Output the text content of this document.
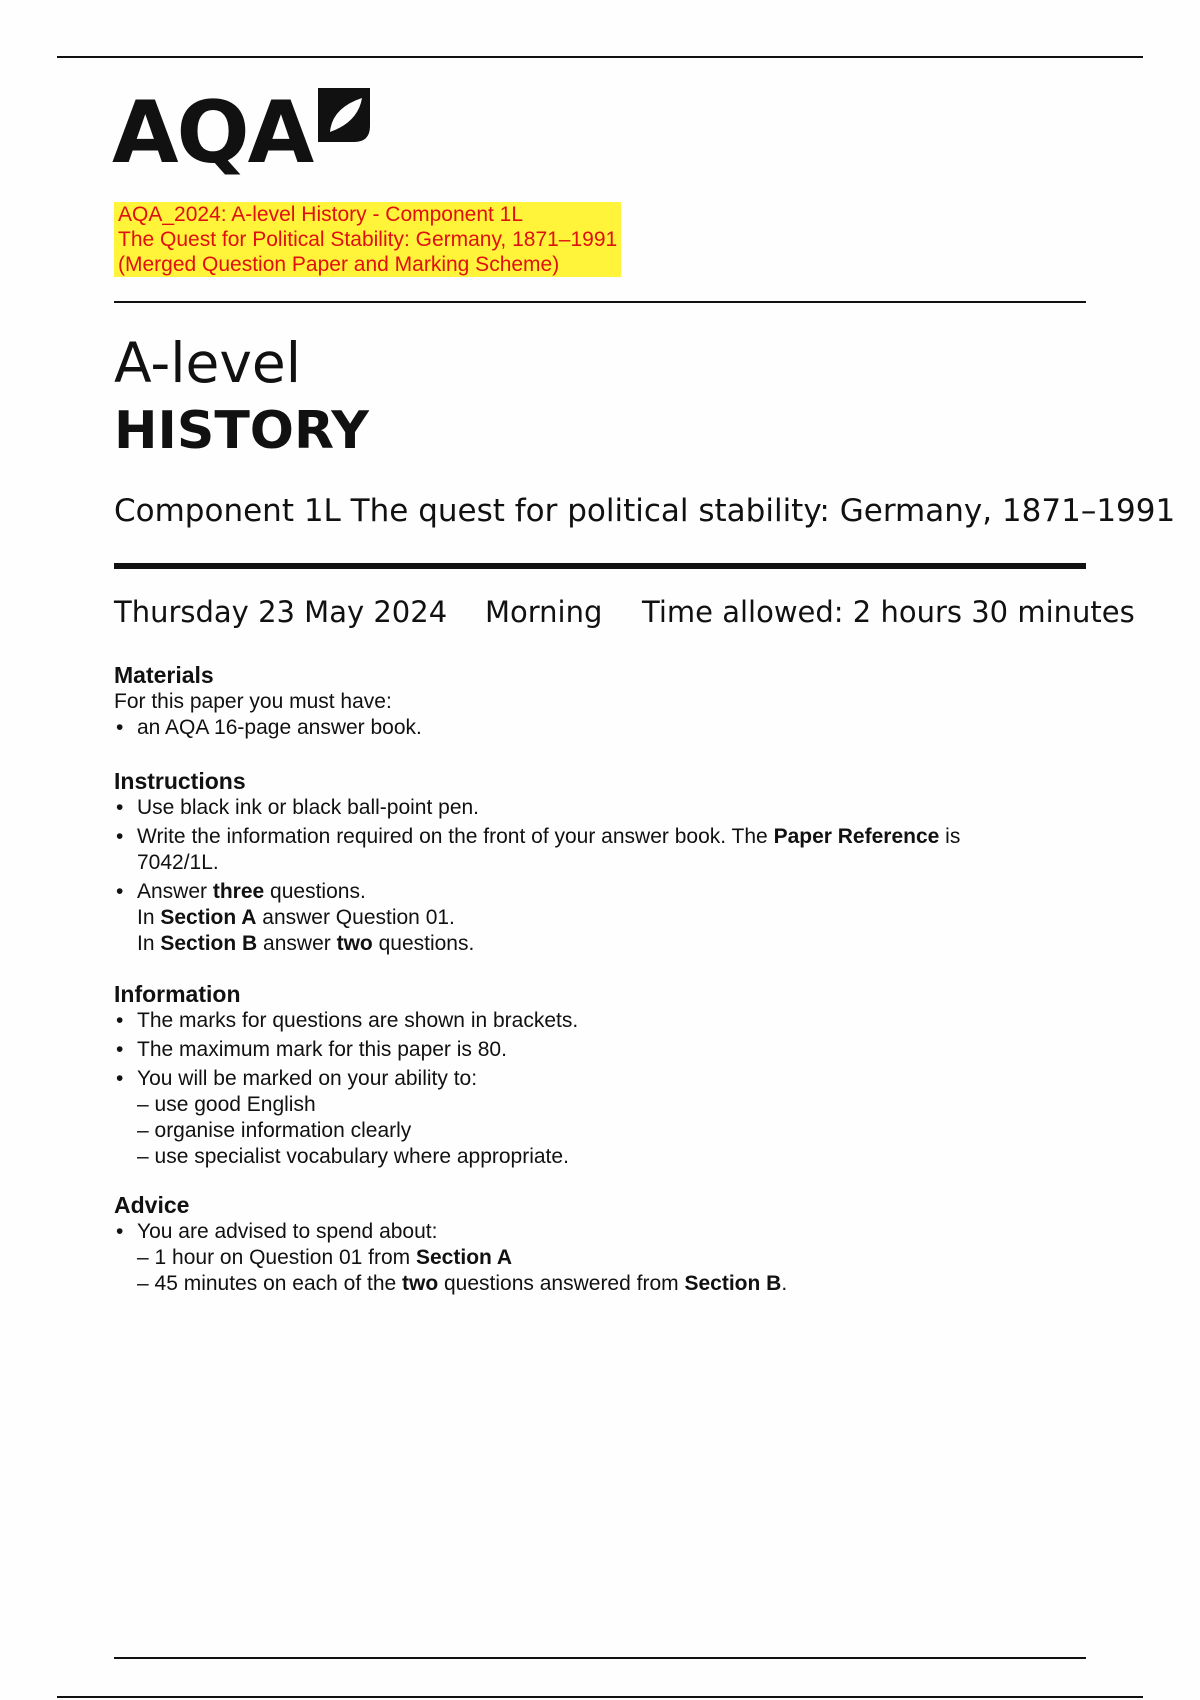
AQA
AQA_2024: A-level History - Component 1L
The Quest for Political Stability: Germany, 1871–1991
(Merged Question Paper and Marking Scheme)
A-level
HISTORY
Component 1L The quest for political stability: Germany, 1871–1991
Thursday 23 May 2024 Morning Time allowed: 2 hours 30 minutes
Materials

For this paper you must have:

• an AQA 16-page answer book.
Instructions
• Use black ink or black ball-point pen.
• Write the information required on the front of your answer book. The Paper Reference is 7042/1L.
• Answer three questions.
In Section A answer Question 01.
In Section B answer two questions.
Information
• The marks for questions are shown in brackets.
• The maximum mark for this paper is 80.
• You will be marked on your ability to:
– use good English
– organise information clearly
– use specialist vocabulary where appropriate.
Advice
• You are advised to spend about:
– 1 hour on Question 01 from Section A
– 45 minutes on each of the two questions answered from Section B.
